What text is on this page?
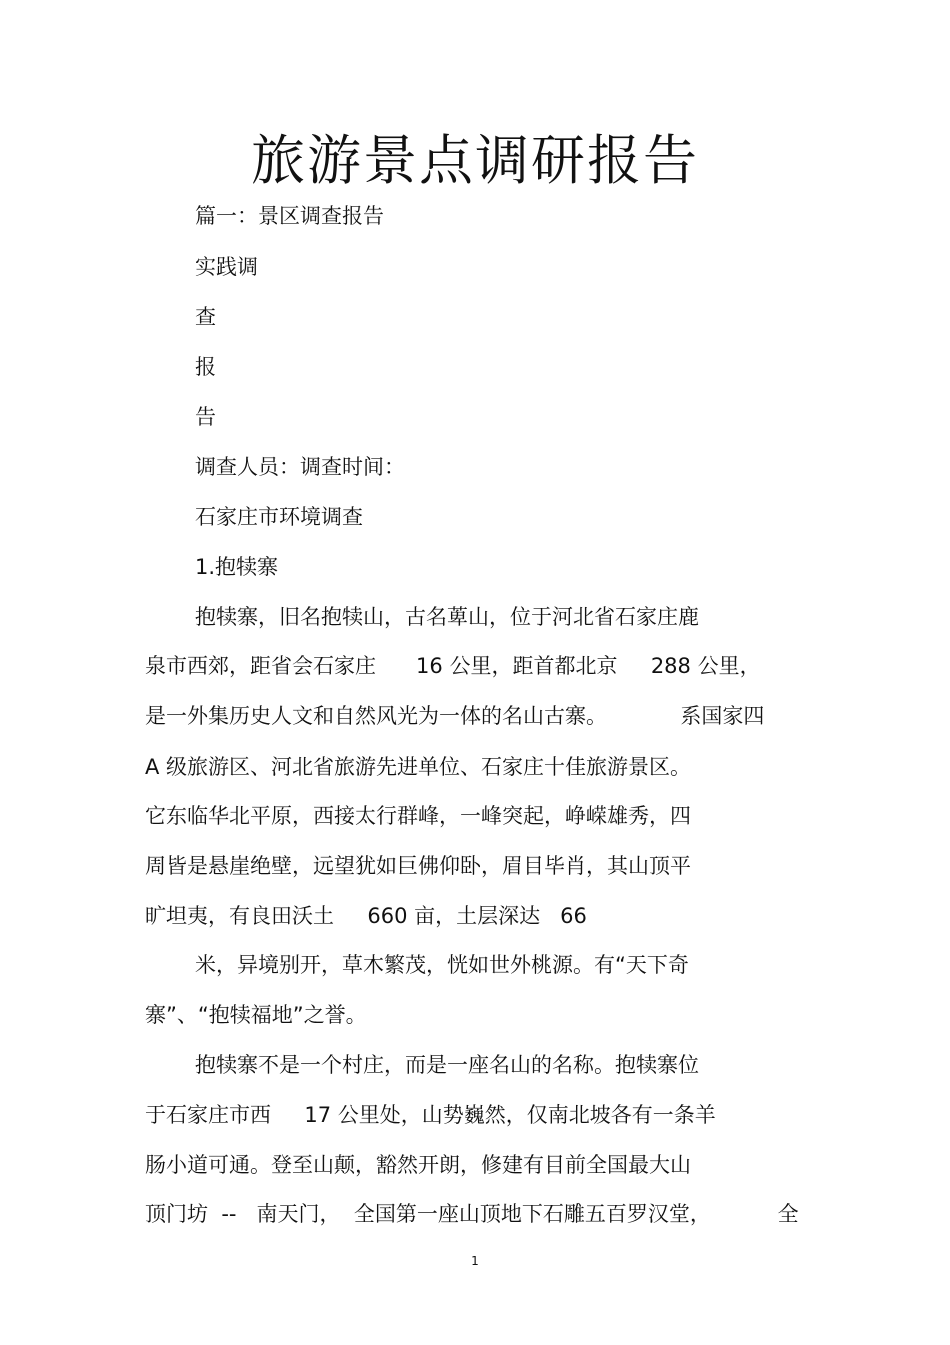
旅游景点调研报告

篇一：景区调查报告

实践调

查

报

告

调查人员：调查时间：

石家庄市环境调查

1.抱犊寨

抱犊寨，旧名抱犊山，古名萆山，位于河北省石家庄鹿

泉市西郊，距省会石家庄      16 公里，距首都北京     288 公里，

是一外集历史人文和自然风光为一体的名山古寨。           系国家四

A 级旅游区、河北省旅游先进单位、石家庄十佳旅游景区。

它东临华北平原，西接太行群峰，一峰突起，峥嵘雄秀，四

周皆是悬崖绝壁，远望犹如巨佛仰卧，眉目毕肖，其山顶平

旷坦夷，有良田沃土     660 亩，土层深达   66

米，异境别开，草木繁茂，恍如世外桃源。有“天下奇

寨”、“抱犊福地”之誉。

抱犊寨不是一个村庄，而是一座名山的名称。抱犊寨位

于石家庄市西     17 公里处，山势巍然，仅南北坡各有一条羊

肠小道可通。登至山颠，豁然开朗，修建有目前全国最大山

顶门坊  --   南天门，  全国第一座山顶地下石雕五百罗汉堂，          全

1
